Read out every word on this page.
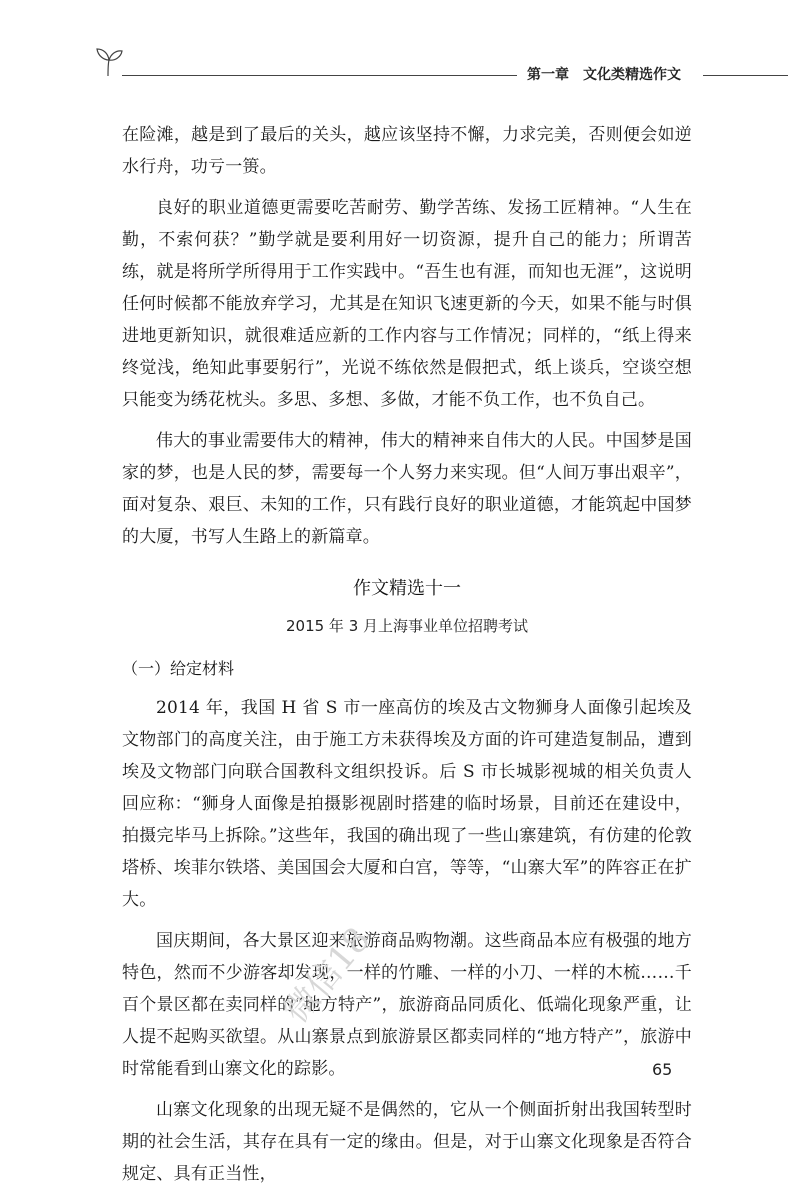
第一章　文化类精选作文

在险滩，越是到了最后的关头，越应该坚持不懈，力求完美，否则便会如逆水行舟，功亏一篑。

良好的职业道德更需要吃苦耐劳、勤学苦练、发扬工匠精神。“人生在勤，不索何获？”勤学就是要利用好一切资源，提升自己的能力；所谓苦练，就是将所学所得用于工作实践中。“吾生也有涯，而知也无涯”，这说明任何时候都不能放弃学习，尤其是在知识飞速更新的今天，如果不能与时俱进地更新知识，就很难适应新的工作内容与工作情况；同样的，“纸上得来终觉浅，绝知此事要躬行”，光说不练依然是假把式，纸上谈兵，空谈空想只能变为绣花枕头。多思、多想、多做，才能不负工作，也不负自己。

伟大的事业需要伟大的精神，伟大的精神来自伟大的人民。中国梦是国家的梦，也是人民的梦，需要每一个人努力来实现。但“人间万事出艰辛”，面对复杂、艰巨、未知的工作，只有践行良好的职业道德，才能筑起中国梦的大厦，书写人生路上的新篇章。

作文精选十一
2015 年 3 月上海事业单位招聘考试
（一）给定材料

2014 年，我国 H 省 S 市一座高仿的埃及古文物狮身人面像引起埃及文物部门的高度关注，由于施工方未获得埃及方面的许可建造复制品，遭到埃及文物部门向联合国教科文组织投诉。后 S 市长城影视城的相关负责人回应称：“狮身人面像是拍摄影视剧时搭建的临时场景，目前还在建设中，拍摄完毕马上拆除。”这些年，我国的确出现了一些山寨建筑，有仿建的伦敦塔桥、埃菲尔铁塔、美国国会大厦和白宫，等等，“山寨大军”的阵容正在扩大。

国庆期间，各大景区迎来旅游商品购物潮。这些商品本应有极强的地方特色，然而不少游客却发现，一样的竹雕、一样的小刀、一样的木梳……千百个景区都在卖同样的“地方特产”，旅游商品同质化、低端化现象严重，让人提不起购买欲望。从山寨景点到旅游景区都卖同样的“地方特产”，旅游中时常能看到山寨文化的踪影。

山寨文化现象的出现无疑不是偶然的，它从一个侧面折射出我国转型时期的社会生活，其存在具有一定的缘由。但是，对于山寨文化现象是否符合规定、具有正当性，

65
微信18
